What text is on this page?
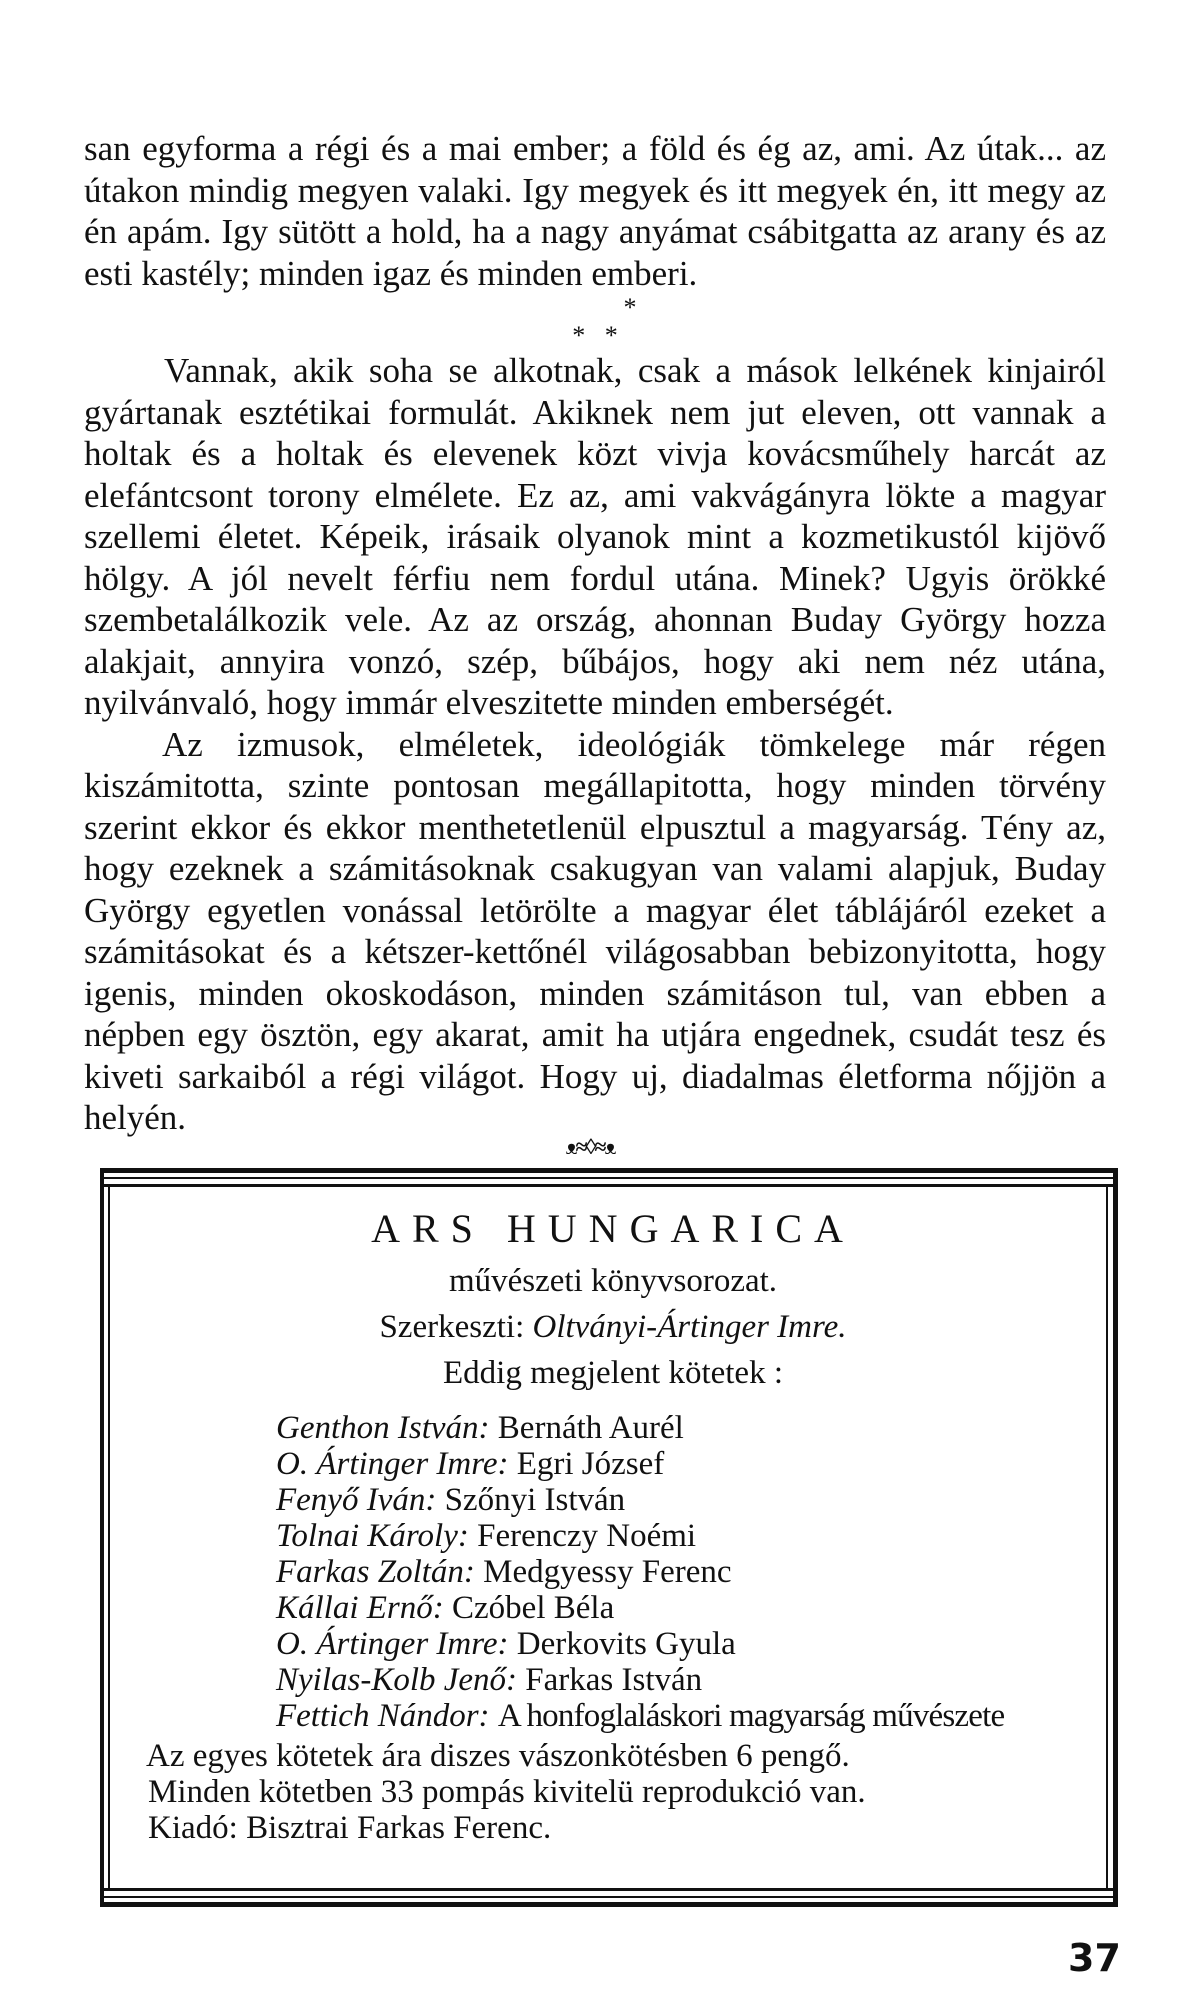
san egyforma a régi és a mai ember; a föld és ég az, ami. Az útak... az útakon mindig megyen valaki. Igy megyek és itt megyek én, itt megy az én apám. Igy sütött a hold, ha a nagy anyámat csábitgatta az arany és az esti kastély; minden igaz és minden emberi.

*
*   *

Vannak, akik soha se alkotnak, csak a mások lelkének kinjairól gyártanak esztétikai formulát. Akiknek nem jut eleven, ott vannak a holtak és a holtak és elevenek közt vivja kovácsműhely harcát az elefántcsont torony elmélete. Ez az, ami vakvágányra lökte a magyar szellemi életet. Képeik, irásaik olyanok mint a kozmetikustól kijövő hölgy. A jól nevelt férfiu nem fordul utána. Minek? Ugyis örökké szembetalálkozik vele. Az az ország, ahonnan Buday György hozza alakjait, annyira vonzó, szép, bűbájos, hogy aki nem néz utána, nyilvánvaló, hogy immár elveszitette minden emberségét.

Az izmusok, elméletek, ideológiák tömkelege már régen kiszámitotta, szinte pontosan megállapitotta, hogy minden törvény szerint ekkor és ekkor menthetetlenül elpusztul a magyarság. Tény az, hogy ezeknek a számitásoknak csakugyan van valami alapjuk, Buday György egyetlen vonással letörölte a magyar élet táblájáról ezeket a számitásokat és a kétszer-kettőnél világosabban bebizonyitotta, hogy igenis, minden okoskodáson, minden számitáson tul, van ebben a népben egy ösztön, egy akarat, amit ha utjára engednek, csudát tesz és kiveti sarkaiból a régi világot. Hogy uj, diadalmas életforma nőjjön a helyén.

ᴥ≈◊≈ᴥ

ARS HUNGARICA

művészeti könyvsorozat.

Szerkeszti: Oltványi-Ártinger Imre.

Eddig megjelent kötetek :

Genthon István: Bernáth Aurél
O. Ártinger Imre: Egri József
Fenyő Iván: Szőnyi István
Tolnai Károly: Ferenczy Noémi
Farkas Zoltán: Medgyessy Ferenc
Kállai Ernő: Czóbel Béla
O. Ártinger Imre: Derkovits Gyula
Nyilas-Kolb Jenő: Farkas István
Fettich Nándor: A honfoglaláskori magyarság művészete

Az egyes kötetek ára diszes vászonkötésben 6 pengő.

Minden kötetben 33 pompás kivitelü reprodukció van.

Kiadó: Bisztrai Farkas Ferenc.

37
